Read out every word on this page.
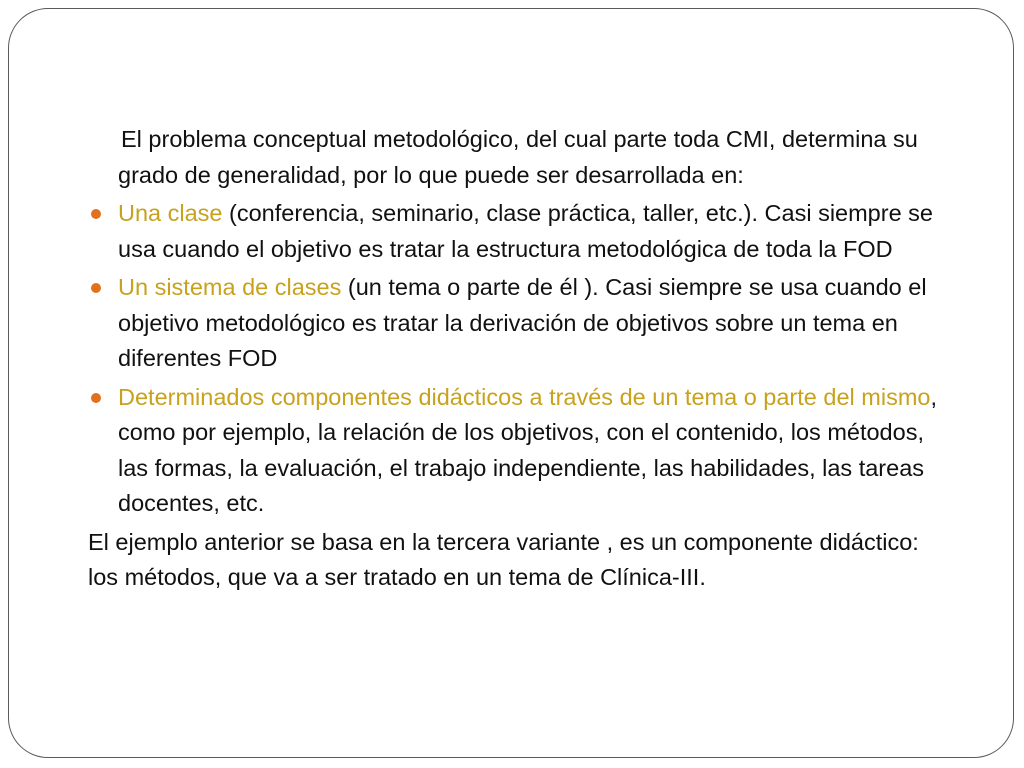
El problema conceptual metodológico, del cual parte toda CMI, determina su grado de generalidad, por lo que puede ser desarrollada en:

Una clase (conferencia, seminario, clase práctica, taller, etc.). Casi siempre se usa cuando el objetivo es tratar la estructura metodológica de toda la FOD
Un sistema de clases (un tema o parte de él ). Casi siempre se usa cuando el objetivo metodológico es tratar la derivación de objetivos sobre un tema en diferentes FOD
Determinados componentes didácticos a través de un tema o parte del mismo, como por ejemplo, la relación de los objetivos, con el contenido, los métodos, las formas, la evaluación, el trabajo independiente, las habilidades, las tareas docentes, etc.

El ejemplo anterior se basa en la tercera variante , es un componente didáctico: los métodos, que va a ser tratado en un tema de Clínica-III.
